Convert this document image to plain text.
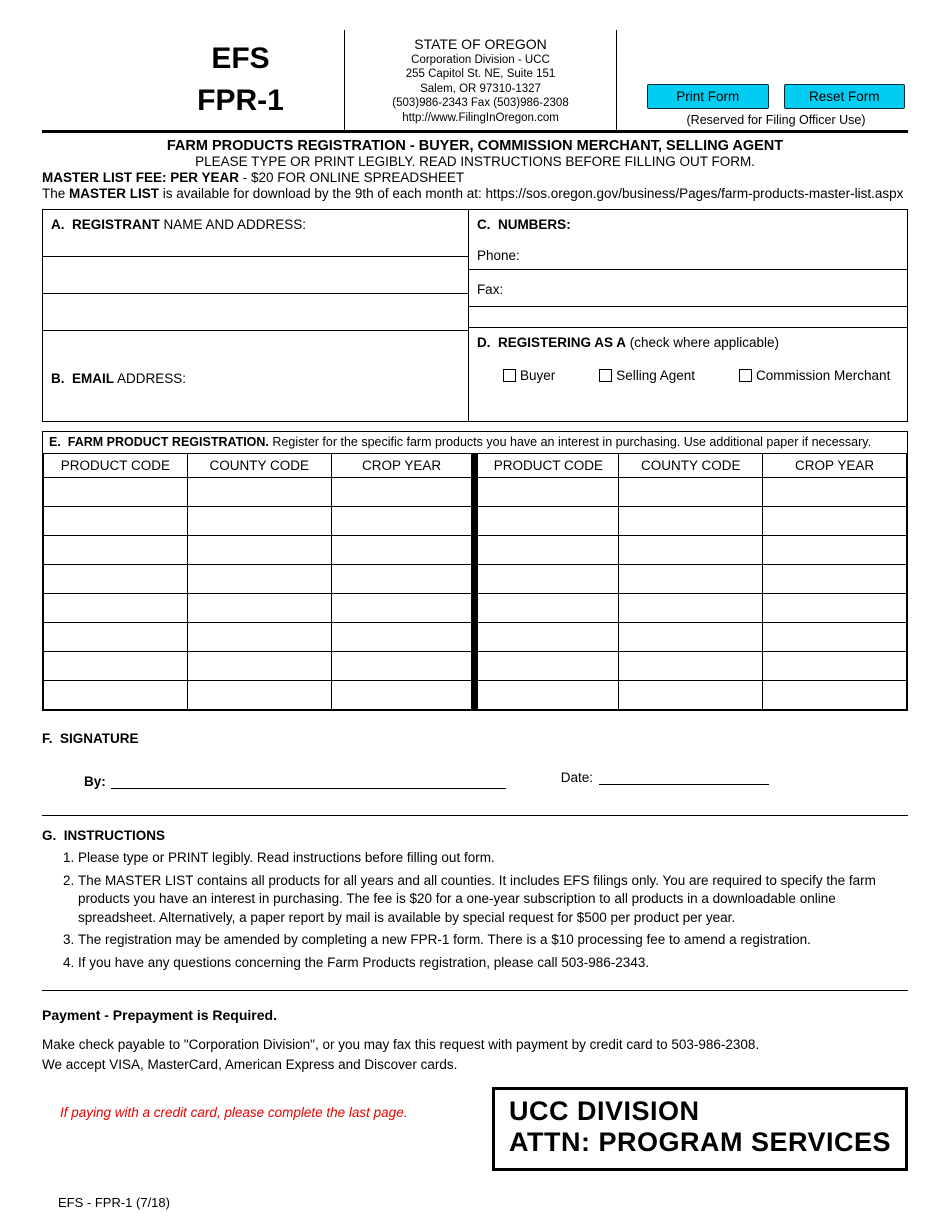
EFS
FPR-1
STATE OF OREGON
Corporation Division - UCC
255 Capitol St. NE, Suite 151
Salem, OR 97310-1327
(503)986-2343 Fax (503)986-2308
http://www.FilingInOregon.com
Print Form	Reset Form
(Reserved for Filing Officer Use)
FARM PRODUCTS REGISTRATION - BUYER, COMMISSION MERCHANT, SELLING AGENT
PLEASE TYPE OR PRINT LEGIBLY. READ INSTRUCTIONS BEFORE FILLING OUT FORM.
MASTER LIST FEE: PER YEAR - $20 FOR ONLINE SPREADSHEET
The MASTER LIST is available for download by the 9th of each month at: https://sos.oregon.gov/business/Pages/farm-products-master-list.aspx
A.  REGISTRANT NAME AND ADDRESS:
B.  EMAIL ADDRESS:
C.  NUMBERS:
Phone:
Fax:
D.  REGISTERING AS A (check where applicable)
Buyer	Selling Agent	Commission Merchant
E.  FARM PRODUCT REGISTRATION. Register for the specific farm products you have an interest in purchasing. Use additional paper if necessary.
PRODUCT CODE	COUNTY CODE	CROP YEAR	PRODUCT CODE	COUNTY CODE	CROP YEAR

F.  SIGNATURE
By:	Date:
G.  INSTRUCTIONS
1. Please type or PRINT legibly. Read instructions before filling out form.
2. The MASTER LIST contains all products for all years and all counties. It includes EFS filings only. You are required to specify the farm products you have an interest in purchasing. The fee is $20 for a one-year subscription to all products in a downloadable online spreadsheet. Alternatively, a paper report by mail is available by special request for $500 per product per year.
3. The registration may be amended by completing a new FPR-1 form. There is a $10 processing fee to amend a registration.
4. If you have any questions concerning the Farm Products registration, please call 503-986-2343.
Payment - Prepayment is Required.
Make check payable to "Corporation Division", or you may fax this request with payment by credit card to 503-986-2308.
We accept VISA, MasterCard, American Express and Discover cards.
If paying with a credit card, please complete the last page.	UCC DIVISION
ATTN: PROGRAM SERVICES
EFS - FPR-1 (7/18)
